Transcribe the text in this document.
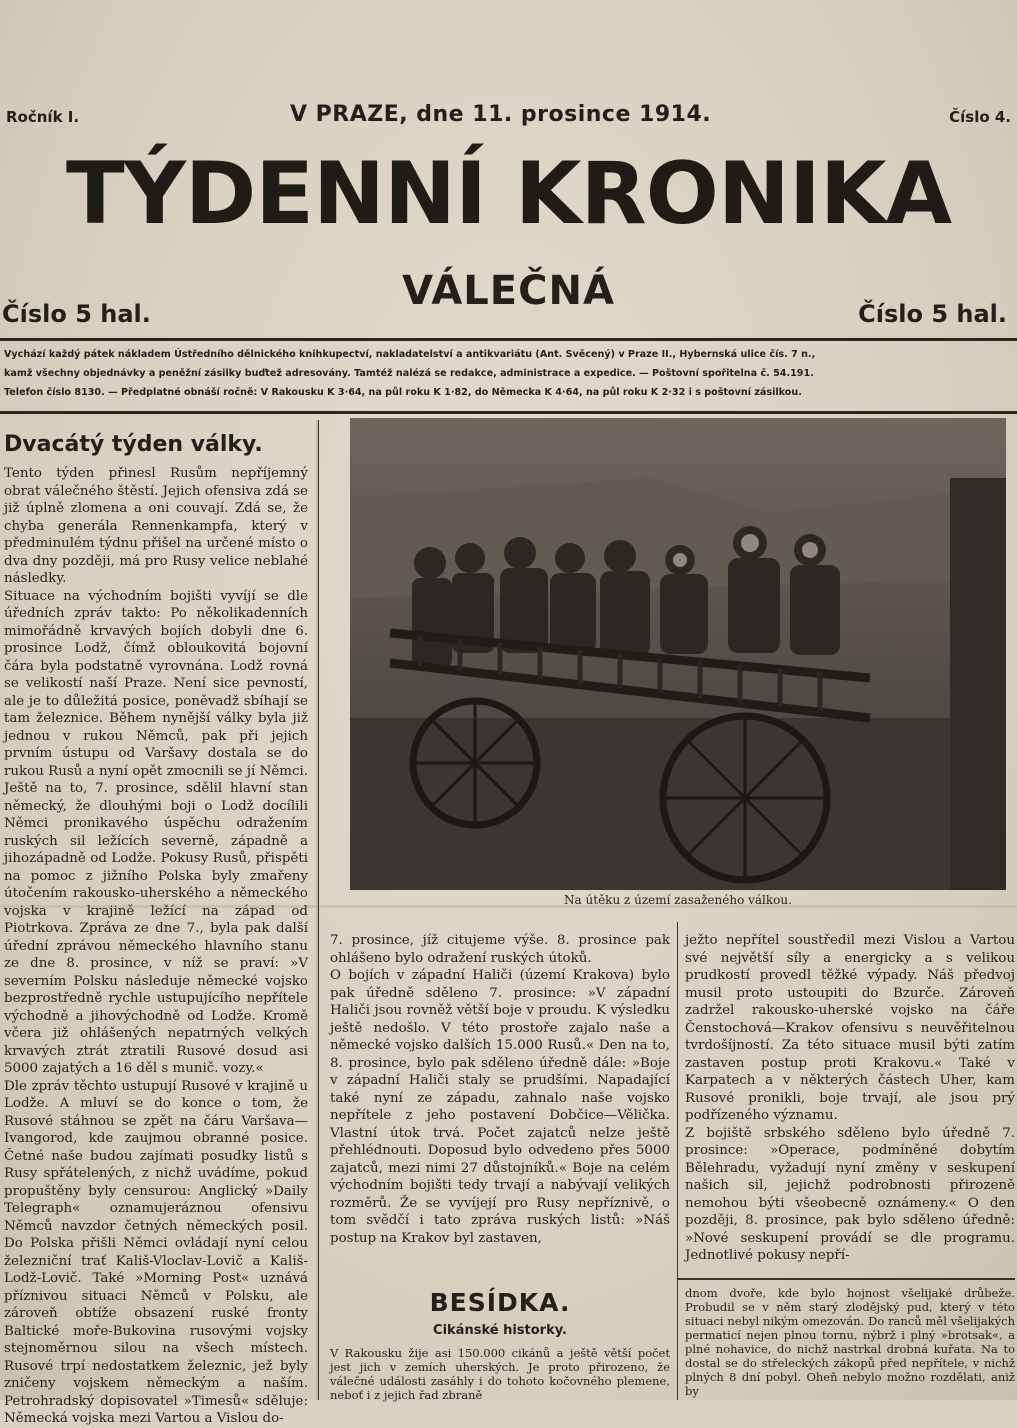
Ročník I.	V PRAZE, dne 11. prosince 1914.	Číslo 4.
TÝDENNÍ KRONIKA
VÁLEČNÁ
Číslo 5 hal.	Číslo 5 hal.
Vychází každý pátek nákladem Ústředního dělnického knihkupectví, nakladatelství a antikvariátu (Ant. Svěcený) v Praze II., Hybernská ulice čís. 7 n.,
kamž všechny objednávky a peněžní zásilky buďtež adresovány. Tamtéž nalézá se redakce, administrace a expedice. — Poštovní spořitelna č. 54.191.
Telefon číslo 8130. — Předplatné obnáší ročně: V Rakousku K 3·64, na půl roku K 1·82, do Německa K 4·64, na půl roku K 2·32 i s poštovní zásilkou.
Dvacátý týden války.

Tento týden přinesl Rusům nepříjemný obrat válečného štěstí. Jejich ofensiva zdá se již úplně zlomena a oni couvají. Zdá se, že chyba generála Rennenkampfa, který v předminulém týdnu přišel na určené místo o dva dny později, má pro Rusy velice neblahé následky.

Situace na východním bojišti vyvíjí se dle úředních zpráv takto: Po několikadenních mimořádně krvavých bojích dobyli dne 6. prosince Lodž, čímž obloukovitá bojovní čára byla podstatně vyrovnána. Lodž rovná se velikostí naší Praze. Není sice pevností, ale je to důležitá posice, poněvadž sbíhají se tam železnice. Během nynější války byla již jednou v rukou Němců, pak při jejich prvním ústupu od Varšavy dostala se do rukou Rusů a nyní opět zmocnili se jí Němci. Ještě na to, 7. prosince, sdělil hlavní stan německý, že dlouhými boji o Lodž docílili Němci pronikavého úspěchu odražením ruských sil ležících severně, západně a jihozápadně od Lodže. Pokusy Rusů, přispěti na pomoc z jižního Polska byly zmařeny útočením rakousko-uherského a německého vojska v krajině ležící na západ od Piotrkova. Zpráva ze dne 7., byla pak další úřední zprávou německého hlavního stanu ze dne 8. prosince, v níž se praví: »V severním Polsku následuje německé vojsko bezprostředně rychle ustupujícího nepřítele východně a jihovýchodně od Lodže. Kromě včera již ohlášených nepatrných velkých krvavých ztrát ztratili Rusové dosud asi 5000 zajatých a 16 děl s munič. vozy.«

Dle zpráv těchto ustupují Rusové v krajině u Lodže. A mluví se do konce o tom, že Rusové stáhnou se zpět na čáru Varšava—Ivangorod, kde zaujmou obranné posice. Četné naše budou zajímati posudky listů s Rusy spřátelených, z nichž uvádíme, pokud propuštěny byly censurou: Anglický »Daily Telegraph« oznamujeráznou ofensivu Němců navzdor četných německých posil. Do Polska přišli Němci ovládají nyní celou železniční trať Kališ-Vloclav-Lovič a Kališ-Lodž-Lovič. Také »Morning Post« uznává příznivou situaci Němců v Polsku, ale zároveň obtíže obsazení ruské fronty Baltické moře-Bukovina rusovými vojsky stejnoměrnou silou na všech místech. Rusové trpí nedostatkem železnic, jež byly zničeny vojskem německým a naším. Petrohradský dopisovatel »Timesů« sděluje: Německá vojska mezi Vartou a Vislou do-

Na útěku z území zasaženého válkou.

7. prosince, jíž citujeme výše. 8. prosince pak ohlášeno bylo odražení ruských útoků.

O bojích v západní Haliči (území Krakova) bylo pak úředně sděleno 7. prosince: »V západní Haliči jsou rovněž větší boje v proudu. K výsledku ještě nedošlo. V této prostoře zajalo naše a německé vojsko dalších 15.000 Rusů.« Den na to, 8. prosince, bylo pak sděleno úředně dále: »Boje v západní Haliči staly se prudšími. Napadající také nyní ze západu, zahnalo naše vojsko nepřítele z jeho postavení Dobčice—Vělička. Vlastní útok trvá. Počet zajatců nelze ještě přehlédnouti. Doposud bylo odvedeno přes 5000 zajatců, mezi nimi 27 důstojníků.« Boje na celém východním bojišti tedy trvají a nabývají velikých rozměrů. Že se vyvíjejí pro Rusy nepříznivě, o tom svědčí i tato zpráva ruských listů: »Náš postup na Krakov byl zastaven,

ježto nepřítel soustředil mezi Vislou a Vartou své největší síly a energicky a s velikou prudkostí provedl těžké výpady. Náš předvoj musil proto ustoupiti do Bzurče. Zároveň zadržel rakousko-uherské vojsko na čáře Čenstochová—Krakov ofensivu s neuvěřitelnou tvrdošíjností. Za této situace musil býti zatím zastaven postup proti Krakovu.« Také v Karpatech a v některých částech Uher, kam Rusové pronikli, boje trvají, ale jsou prý podřízeného významu.

Z bojiště srbského sděleno bylo úředně 7. prosince: »Operace, podmíněné dobytím Bělehradu, vyžadují nyní změny v seskupení našich sil, jejichž podrobnosti přirozeně nemohou býti všeobecně oznámeny.« O den později, 8. prosince, pak bylo sděleno úředně: »Nové seskupení provádí se dle programu. Jednotlivé pokusy nepří-

BESÍDKA.
Cikánské historky.

V Rakousku žije asi 150.000 cikánů a ještě větší počet jest jich v zemích uherských. Je proto přirozeno, že válečné události zasáhly i do tohoto kočovného plemene, neboť i z jejich řad zbraně

dnom dvoře, kde bylo hojnost všelijaké drůbeže. Probudil se v něm starý zlodějský pud, který v této situaci nebyl nikým omezován. Do ranců měl všelijakých permaticí nejen plnou tornu, nýbrž i plný »brotsak«, a plné nohavice, do nichž nastrkal drobná kuřata. Na to dostal se do střeleckých zákopů před nepřítele, v nichž plných 8 dní pobyl. Oheň nebylo možno rozdělati, aniž by
